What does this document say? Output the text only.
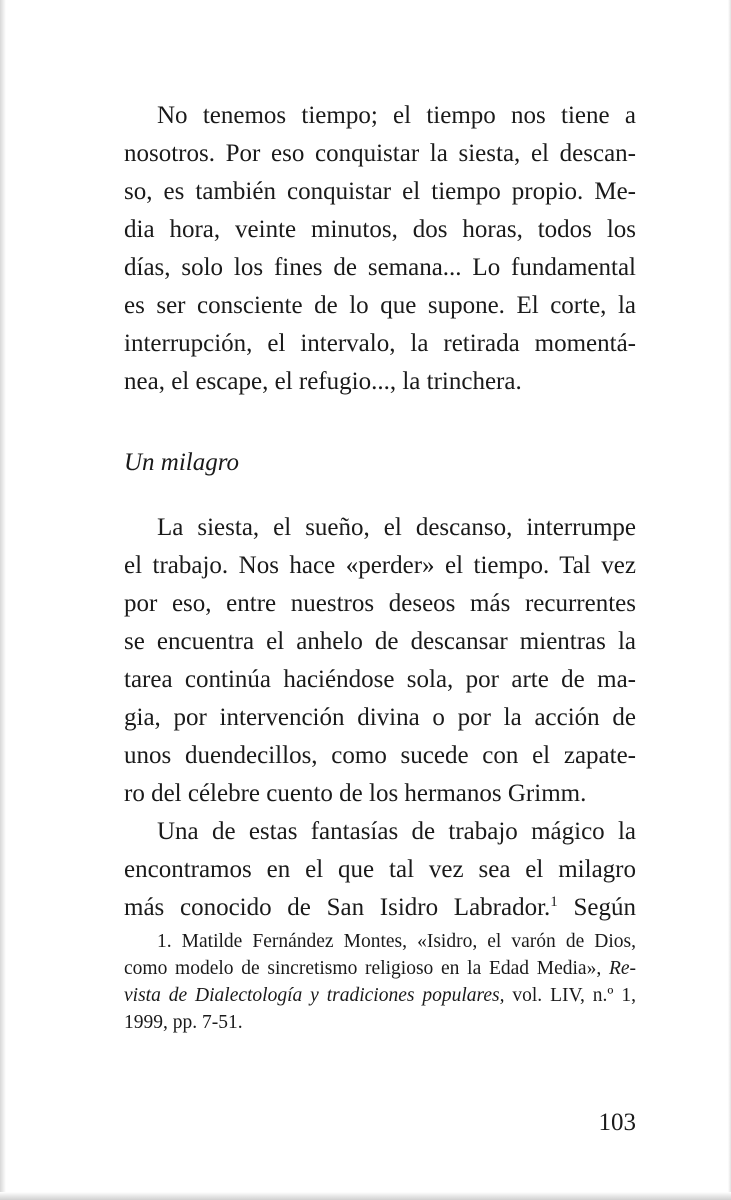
No tenemos tiempo; el tiempo nos tiene a
nosotros. Por eso conquistar la siesta, el descan-
so, es también conquistar el tiempo propio. Me-
dia hora, veinte minutos, dos horas, todos los
días, solo los fines de semana... Lo fundamental
es ser consciente de lo que supone. El corte, la
interrupción, el intervalo, la retirada momentá-
nea, el escape, el refugio..., la trinchera.
Un milagro
La siesta, el sueño, el descanso, interrumpe
el trabajo. Nos hace «perder» el tiempo. Tal vez
por eso, entre nuestros deseos más recurrentes
se encuentra el anhelo de descansar mientras la
tarea continúa haciéndose sola, por arte de ma-
gia, por intervención divina o por la acción de
unos duendecillos, como sucede con el zapate-
ro del célebre cuento de los hermanos Grimm.
Una de estas fantasías de trabajo mágico la
encontramos en el que tal vez sea el milagro
más conocido de San Isidro Labrador.$^1$ Según
1. Matilde Fernández Montes, «Isidro, el varón de Dios,
como modelo de sincretismo religioso en la Edad Media», Re-
vista de Dialectología y tradiciones populares, vol. LIV, n.º 1,
1999, pp. 7-51.
103
